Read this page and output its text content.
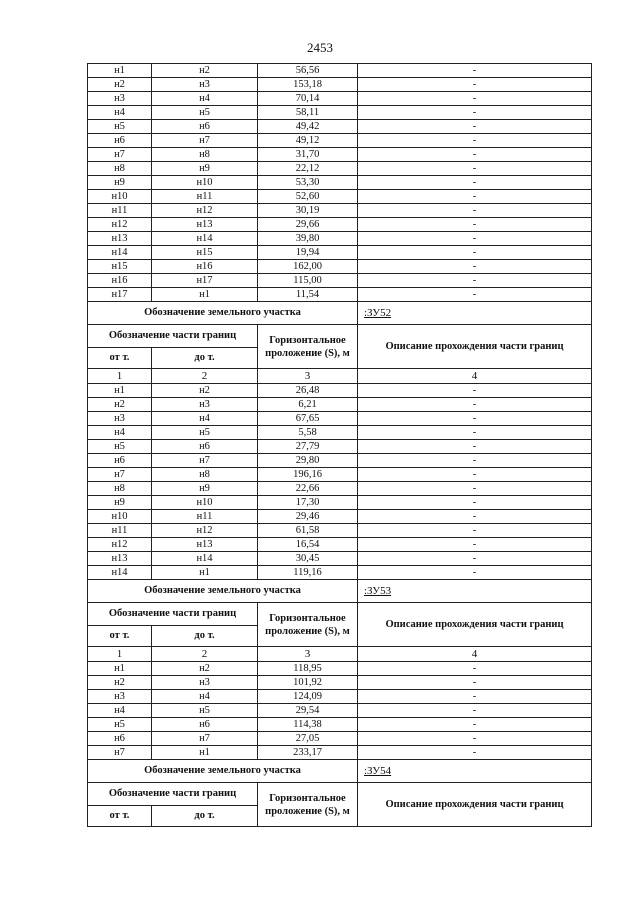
2453
н1	н2	56,56	-
н2	н3	153,18	-
н3	н4	70,14	-
н4	н5	58,11	-
н5	н6	49,42	-
н6	н7	49,12	-
н7	н8	31,70	-
н8	н9	22,12	-
н9	н10	53,30	-
н10	н11	52,60	-
н11	н12	30,19	-
н12	н13	29,66	-
н13	н14	39,80	-
н14	н15	19,94	-
н15	н16	162,00	-
н16	н17	115,00	-
н17	н1	11,54	-
Обозначение земельного участка			:ЗУ52
Обозначение части границ		Горизонтальное проложение (S), м	Описание прохождения части границ
от т.	до т.		
1	2	3	4
н1	н2	26,48	-
н2	н3	6,21	-
н3	н4	67,65	-
н4	н5	5,58	-
н5	н6	27,79	-
н6	н7	29,80	-
н7	н8	196,16	-
н8	н9	22,66	-
н9	н10	17,30	-
н10	н11	29,46	-
н11	н12	61,58	-
н12	н13	16,54	-
н13	н14	30,45	-
н14	н1	119,16	-
Обозначение земельного участка			:ЗУ53
Обозначение части границ		Горизонтальное проложение (S), м	Описание прохождения части границ
от т.	до т.		
1	2	3	4
н1	н2	118,95	-
н2	н3	101,92	-
н3	н4	124,09	-
н4	н5	29,54	-
н5	н6	114,38	-
н6	н7	27,05	-
н7	н1	233,17	-
Обозначение земельного участка			:ЗУ54
Обозначение части границ		Горизонтальное проложение (S), м	Описание прохождения части границ
от т.	до т.		
